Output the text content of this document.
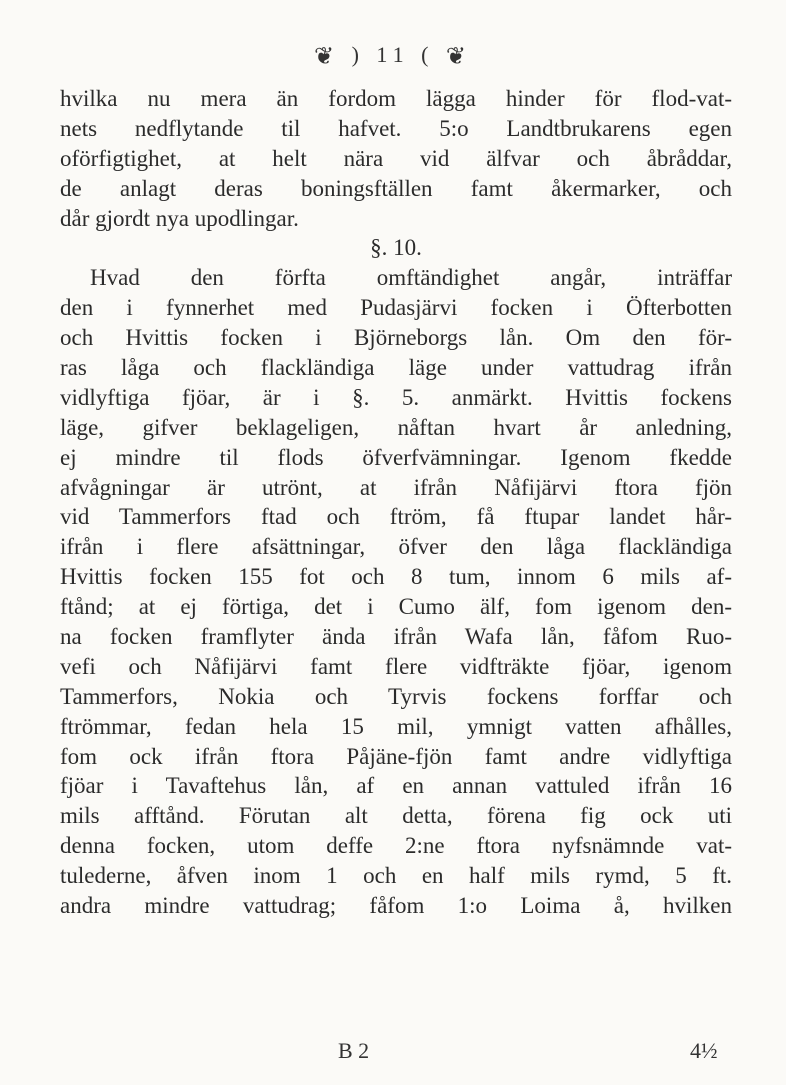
❦ ) 11 ( ❦
hvilka nu mera än fordom lägga hinder för flod-vat-
nets nedflytande til hafvet. 5:o Landtbrukarens egen
oförfigtighet, at helt nära vid älfvar och åbråddar,
de anlagt deras boningsftällen famt åkermarker, och
dår gjordt nya upodlingar.
§. 10.
Hvad den förfta omftändighet angår, inträffar
den i fynnerhet med Pudasjärvi focken i Öfterbotten
och Hvittis focken i Björneborgs lån. Om den för-
ras låga och flackländiga läge under vattudrag ifrån
vidlyftiga fjöar, är i §. 5. anmärkt. Hvittis fockens
läge, gifver beklageligen, nåftan hvart år anledning,
ej mindre til flods öfverfvämningar. Igenom fkedde
afvågningar är utrönt, at ifrån Nåfijärvi ftora fjön
vid Tammerfors ftad och ftröm, få ftupar landet hår-
ifrån i flere afsättningar, öfver den låga flackländiga
Hvittis focken 155 fot och 8 tum, innom 6 mils af-
ftånd; at ej förtiga, det i Cumo älf, fom igenom den-
na focken framflyter ända ifrån Wafa lån, fåfom Ruo-
vefi och Nåfijärvi famt flere vidfträkte fjöar, igenom
Tammerfors, Nokia och Tyrvis fockens forffar och
ftrömmar, fedan hela 15 mil, ymnigt vatten afhålles,
fom ock ifrån ftora Påjäne-fjön famt andre vidlyftiga
fjöar i Tavaftehus lån, af en annan vattuled ifrån 16
mils afftånd. Förutan alt detta, förena fig ock uti
denna focken, utom deffe 2:ne ftora nyfsnämnde vat-
tulederne, åfven inom 1 och en half mils rymd, 5 ft.
andra mindre vattudrag; fåfom 1:o Loima å, hvilken
B 2	4½
